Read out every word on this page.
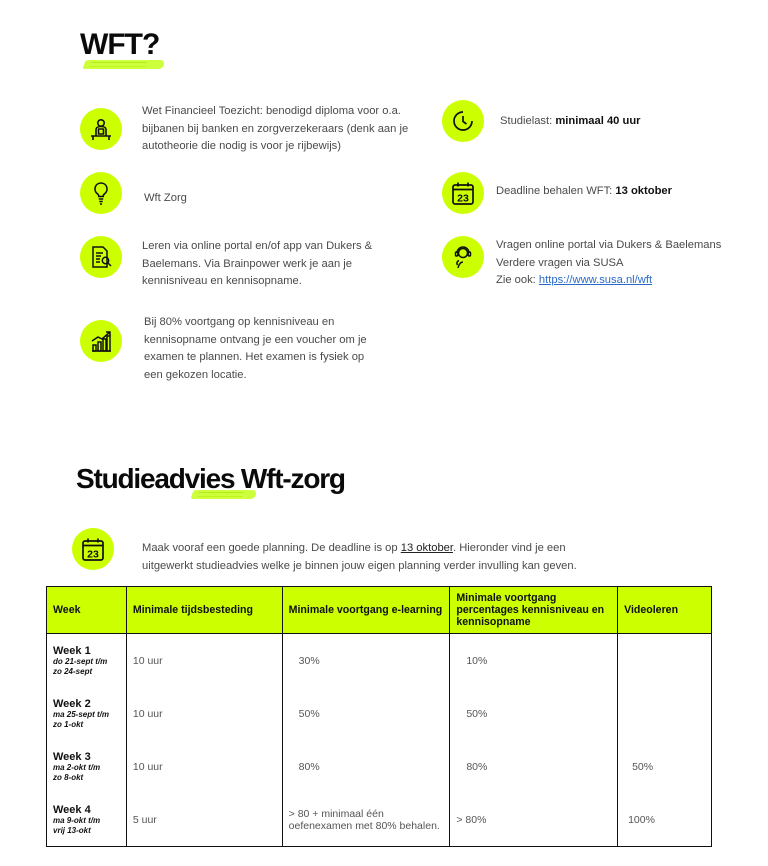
WFT?
Wet Financieel Toezicht: benodigd diploma voor o.a. bijbanen bij banken en zorgverzekeraars (denk aan je autotheorie die nodig is voor je rijbewijs)
Wft Zorg
Leren via online portal en/of app van Dukers & Baelemans. Via Brainpower werk je aan je kennisniveau en kennisopname.
Bij 80% voortgang op kennisniveau en kennisopname ontvang je een voucher om je examen te plannen. Het examen is fysiek op een gekozen locatie.
Studielast: minimaal 40 uur
23
Deadline behalen WFT: 13 oktober
Vragen online portal via Dukers & Baelemans
Verdere vragen via SUSA
Zie ook: https://www.susa.nl/wft
Studieadvies Wft-zorg
23
Maak vooraf een goede planning. De deadline is op 13 oktober. Hieronder vind je een uitgewerkt studieadvies welke je binnen jouw eigen planning verder invulling kan geven.
Week	Minimale tijdsbesteding	Minimale voortgang e-learning	Minimale voortgang percentages kennisniveau en kennisopname	Videoleren

Week 1
do 21-sept t/m
zo 24-sept	10 uur	30%	10%	

Week 2
ma 25-sept t/m
zo 1-okt	10 uur	50%	50%	

Week 3
ma 2-okt t/m
zo 8-okt	10 uur	80%	80%	50%

Week 4
ma 9-okt t/m
vrij 13-okt	5 uur	> 80 + minimaal één oefenexamen met 80% behalen.	> 80%	100%
